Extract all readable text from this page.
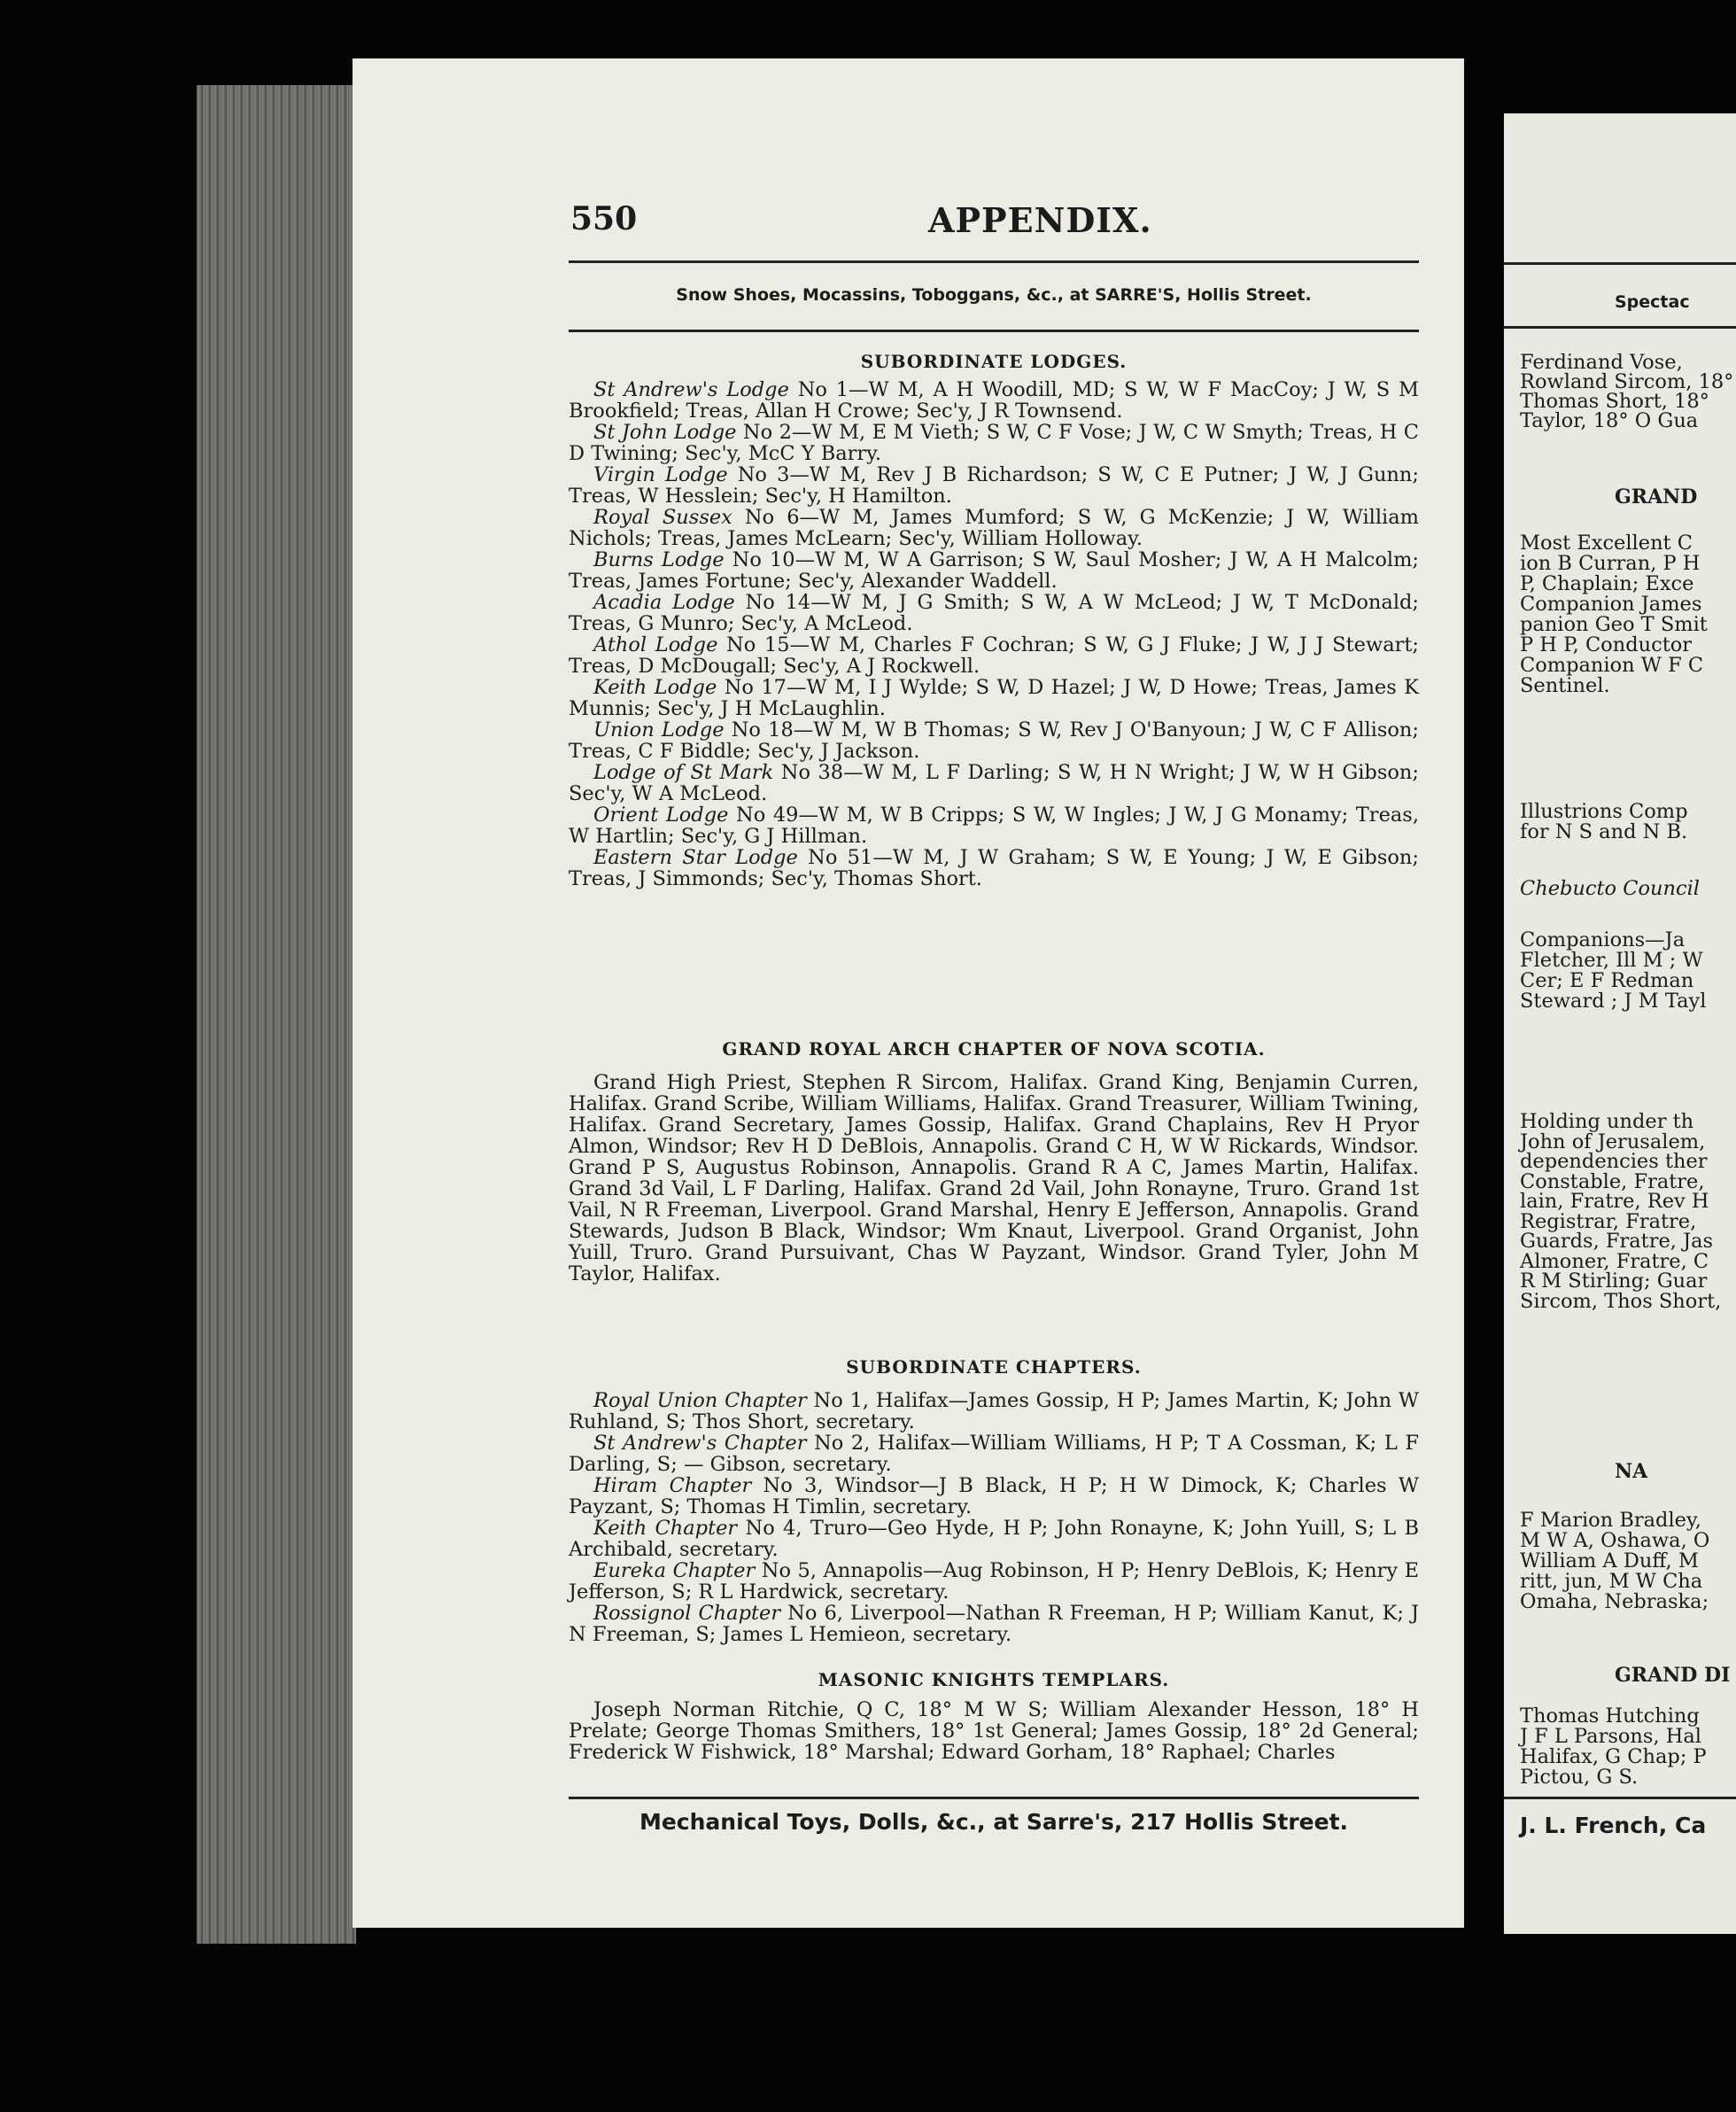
550	APPENDIX.
Snow Shoes, Mocassins, Toboggans, &c., at SARRE'S, Hollis Street.

SUBORDINATE LODGES.

St Andrew's Lodge No 1—W M, A H Woodill, MD; S W, W F MacCoy; J W, S M Brookfield; Treas, Allan H Crowe; Sec'y, J R Townsend.

St John Lodge No 2—W M, E M Vieth; S W, C F Vose; J W, C W Smyth; Treas, H C D Twining; Sec'y, McC Y Barry.

Virgin Lodge No 3—W M, Rev J B Richardson; S W, C E Putner; J W, J Gunn; Treas, W Hesslein; Sec'y, H Hamilton.

Royal Sussex No 6—W M, James Mumford; S W, G McKenzie; J W, William Nichols; Treas, James McLearn; Sec'y, William Holloway.

Burns Lodge No 10—W M, W A Garrison; S W, Saul Mosher; J W, A H Malcolm; Treas, James Fortune; Sec'y, Alexander Waddell.

Acadia Lodge No 14—W M, J G Smith; S W, A W McLeod; J W, T McDonald; Treas, G Munro; Sec'y, A McLeod.

Athol Lodge No 15—W M, Charles F Cochran; S W, G J Fluke; J W, J J Stewart; Treas, D McDougall; Sec'y, A J Rockwell.

Keith Lodge No 17—W M, I J Wylde; S W, D Hazel; J W, D Howe; Treas, James K Munnis; Sec'y, J H McLaughlin.

Union Lodge No 18—W M, W B Thomas; S W, Rev J O'Banyoun; J W, C F Allison; Treas, C F Biddle; Sec'y, J Jackson.

Lodge of St Mark No 38—W M, L F Darling; S W, H N Wright; J W, W H Gibson; Sec'y, W A McLeod.

Orient Lodge No 49—W M, W B Cripps; S W, W Ingles; J W, J G Monamy; Treas, W Hartlin; Sec'y, G J Hillman.

Eastern Star Lodge No 51—W M, J W Graham; S W, E Young; J W, E Gibson; Treas, J Simmonds; Sec'y, Thomas Short.

GRAND ROYAL ARCH CHAPTER OF NOVA SCOTIA.

Grand High Priest, Stephen R Sircom, Halifax. Grand King, Benjamin Curren, Halifax. Grand Scribe, William Williams, Halifax. Grand Treasurer, William Twining, Halifax. Grand Secretary, James Gossip, Halifax. Grand Chaplains, Rev H Pryor Almon, Windsor; Rev H D DeBlois, Annapolis. Grand C H, W W Rickards, Windsor. Grand P S, Augustus Robinson, Annapolis. Grand R A C, James Martin, Halifax. Grand 3d Vail, L F Darling, Halifax. Grand 2d Vail, John Ronayne, Truro. Grand 1st Vail, N R Freeman, Liverpool. Grand Marshal, Henry E Jefferson, Annapolis. Grand Stewards, Judson B Black, Windsor; Wm Knaut, Liverpool. Grand Organist, John Yuill, Truro. Grand Pursuivant, Chas W Payzant, Windsor. Grand Tyler, John M Taylor, Halifax.

SUBORDINATE CHAPTERS.

Royal Union Chapter No 1, Halifax—James Gossip, H P; James Martin, K; John W Ruhland, S; Thos Short, secretary.

St Andrew's Chapter No 2, Halifax—William Williams, H P; T A Cossman, K; L F Darling, S; — Gibson, secretary.

Hiram Chapter No 3, Windsor—J B Black, H P; H W Dimock, K; Charles W Payzant, S; Thomas H Timlin, secretary.

Keith Chapter No 4, Truro—Geo Hyde, H P; John Ronayne, K; John Yuill, S; L B Archibald, secretary.

Eureka Chapter No 5, Annapolis—Aug Robinson, H P; Henry DeBlois, K; Henry E Jefferson, S; R L Hardwick, secretary.

Rossignol Chapter No 6, Liverpool—Nathan R Freeman, H P; William Kanut, K; J N Freeman, S; James L Hemieon, secretary.

MASONIC KNIGHTS TEMPLARS.

Joseph Norman Ritchie, Q C, 18° M W S; William Alexander Hesson, 18° H Prelate; George Thomas Smithers, 18° 1st General; James Gossip, 18° 2d General; Frederick W Fishwick, 18° Marshal; Edward Gorham, 18° Raphael; Charles

Mechanical Toys, Dolls, &c., at Sarre's, 217 Hollis Street.
Spectac
Ferdinand Vose,
Rowland Sircom, 18°
Thomas Short, 18°
Taylor, 18° O Gua
GRAND
Most Excellent C
ion B Curran, P H
P, Chaplain; Exce
Companion James
panion Geo T Smit
P H P, Conductor
Companion W F C
Sentinel.
Illustrions Comp
for N S and N B.
Chebucto Council
Companions—Ja
Fletcher, Ill M ; W
Cer; E F Redman
Steward ; J M Tayl
Holding under th
John of Jerusalem,
dependencies ther
Constable, Fratre,
lain, Fratre, Rev H
Registrar, Fratre,
Guards, Fratre, Jas
Almoner, Fratre, C
R M Stirling; Guar
Sircom, Thos Short,
NA
F Marion Bradley,
M W A, Oshawa, O
William A Duff, M
ritt, jun, M W Cha
Omaha, Nebraska;
GRAND DI
Thomas Hutching
J F L Parsons, Hal
Halifax, G Chap; P
Pictou, G S.
J. L. French, Ca
